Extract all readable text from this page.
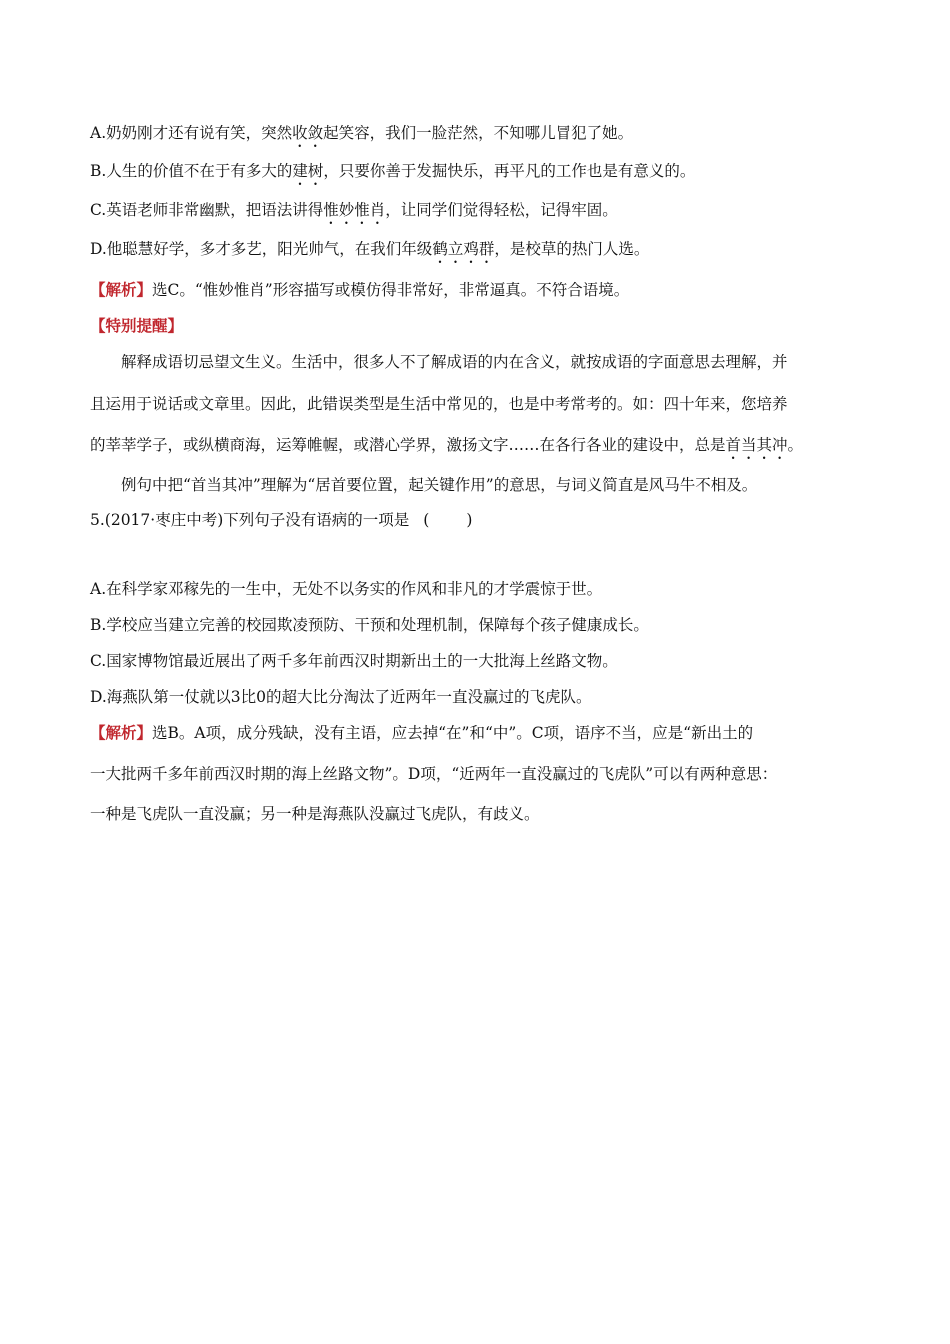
A.奶奶刚才还有说有笑，突然收敛起笑容，我们一脸茫然，不知哪儿冒犯了她。
B.人生的价值不在于有多大的建树，只要你善于发掘快乐，再平凡的工作也是有意义的。
C.英语老师非常幽默，把语法讲得惟妙惟肖，让同学们觉得轻松，记得牢固。
D.他聪慧好学，多才多艺，阳光帅气，在我们年级鹤立鸡群，是校草的热门人选。
【解析】选C。“惟妙惟肖”形容描写或模仿得非常好，非常逼真。不符合语境。
【特别提醒】
解释成语切忌望文生义。生活中，很多人不了解成语的内在含义，就按成语的字面意思去理解，并
且运用于说话或文章里。因此，此错误类型是生活中常见的，也是中考常考的。如：四十年来，您培养
的莘莘学子，或纵横商海，运筹帷幄，或潜心学界，激扬文字……在各行各业的建设中，总是首当其冲。
例句中把“首当其冲”理解为“居首要位置，起关键作用”的意思，与词义简直是风马牛不相及。
5.(2017·枣庄中考)下列句子没有语病的一项是 (　　)
A.在科学家邓稼先的一生中，无处不以务实的作风和非凡的才学震惊于世。
B.学校应当建立完善的校园欺凌预防、干预和处理机制，保障每个孩子健康成长。
C.国家博物馆最近展出了两千多年前西汉时期新出土的一大批海上丝路文物。
D.海燕队第一仗就以3比0的超大比分淘汰了近两年一直没赢过的飞虎队。
【解析】选B。A项，成分残缺，没有主语，应去掉“在”和“中”。C项，语序不当，应是“新出土的
一大批两千多年前西汉时期的海上丝路文物”。D项，“近两年一直没赢过的飞虎队”可以有两种意思：
一种是飞虎队一直没赢；另一种是海燕队没赢过飞虎队，有歧义。
